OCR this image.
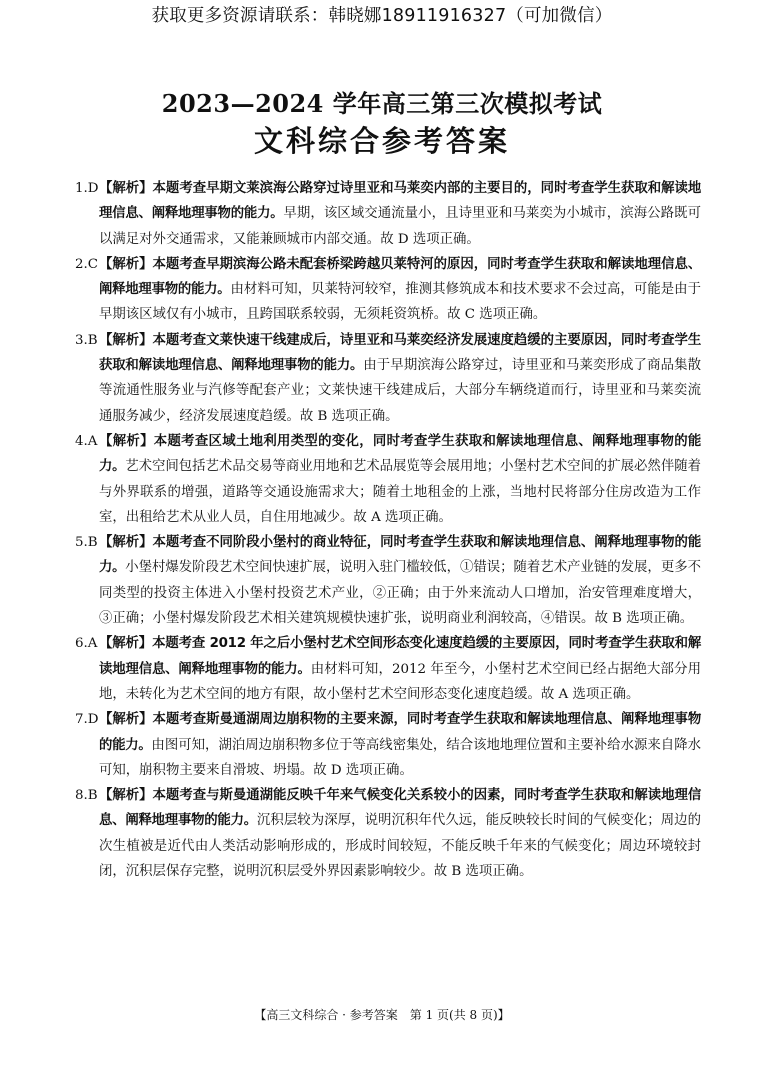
获取更多资源请联系：韩晓娜18911916327（可加微信）
2023—2024 学年高三第三次模拟考试
文科综合参考答案
1.D 【解析】本题考查早期文莱滨海公路穿过诗里亚和马莱奕内部的主要目的，同时考查学生获取和解读地理信息、阐释地理事物的能力。早期，该区域交通流量小，且诗里亚和马莱奕为小城市，滨海公路既可以满足对外交通需求，又能兼顾城市内部交通。故 D 选项正确。
2.C 【解析】本题考查早期滨海公路未配套桥梁跨越贝莱特河的原因，同时考查学生获取和解读地理信息、阐释地理事物的能力。由材料可知，贝莱特河较窄，推测其修筑成本和技术要求不会过高，可能是由于早期该区域仅有小城市，且跨国联系较弱，无须耗资筑桥。故 C 选项正确。
3.B 【解析】本题考查文莱快速干线建成后，诗里亚和马莱奕经济发展速度趋缓的主要原因，同时考查学生获取和解读地理信息、阐释地理事物的能力。由于早期滨海公路穿过，诗里亚和马莱奕形成了商品集散等流通性服务业与汽修等配套产业；文莱快速干线建成后，大部分车辆绕道而行，诗里亚和马莱奕流通服务减少，经济发展速度趋缓。故 B 选项正确。
4.A 【解析】本题考查区域土地利用类型的变化，同时考查学生获取和解读地理信息、阐释地理事物的能力。艺术空间包括艺术品交易等商业用地和艺术品展览等会展用地；小堡村艺术空间的扩展必然伴随着与外界联系的增强，道路等交通设施需求大；随着土地租金的上涨，当地村民将部分住房改造为工作室，出租给艺术从业人员，自住用地减少。故 A 选项正确。
5.B 【解析】本题考查不同阶段小堡村的商业特征，同时考查学生获取和解读地理信息、阐释地理事物的能力。小堡村爆发阶段艺术空间快速扩展，说明入驻门槛较低，①错误；随着艺术产业链的发展，更多不同类型的投资主体进入小堡村投资艺术产业，②正确；由于外来流动人口增加，治安管理难度增大，③正确；小堡村爆发阶段艺术相关建筑规模快速扩张，说明商业利润较高，④错误。故 B 选项正确。
6.A 【解析】本题考查 2012 年之后小堡村艺术空间形态变化速度趋缓的主要原因，同时考查学生获取和解读地理信息、阐释地理事物的能力。由材料可知，2012 年至今，小堡村艺术空间已经占据绝大部分用地，未转化为艺术空间的地方有限，故小堡村艺术空间形态变化速度趋缓。故 A 选项正确。
7.D 【解析】本题考查斯曼通湖周边崩积物的主要来源，同时考查学生获取和解读地理信息、阐释地理事物的能力。由图可知，湖泊周边崩积物多位于等高线密集处，结合该地地理位置和主要补给水源来自降水可知，崩积物主要来自滑坡、坍塌。故 D 选项正确。
8.B 【解析】本题考查与斯曼通湖能反映千年来气候变化关系较小的因素，同时考查学生获取和解读地理信息、阐释地理事物的能力。沉积层较为深厚，说明沉积年代久远，能反映较长时间的气候变化；周边的次生植被是近代由人类活动影响形成的，形成时间较短，不能反映千年来的气候变化；周边环境较封闭，沉积层保存完整，说明沉积层受外界因素影响较少。故 B 选项正确。
【高三文科综合 · 参考答案　第 1 页(共 8 页)】
